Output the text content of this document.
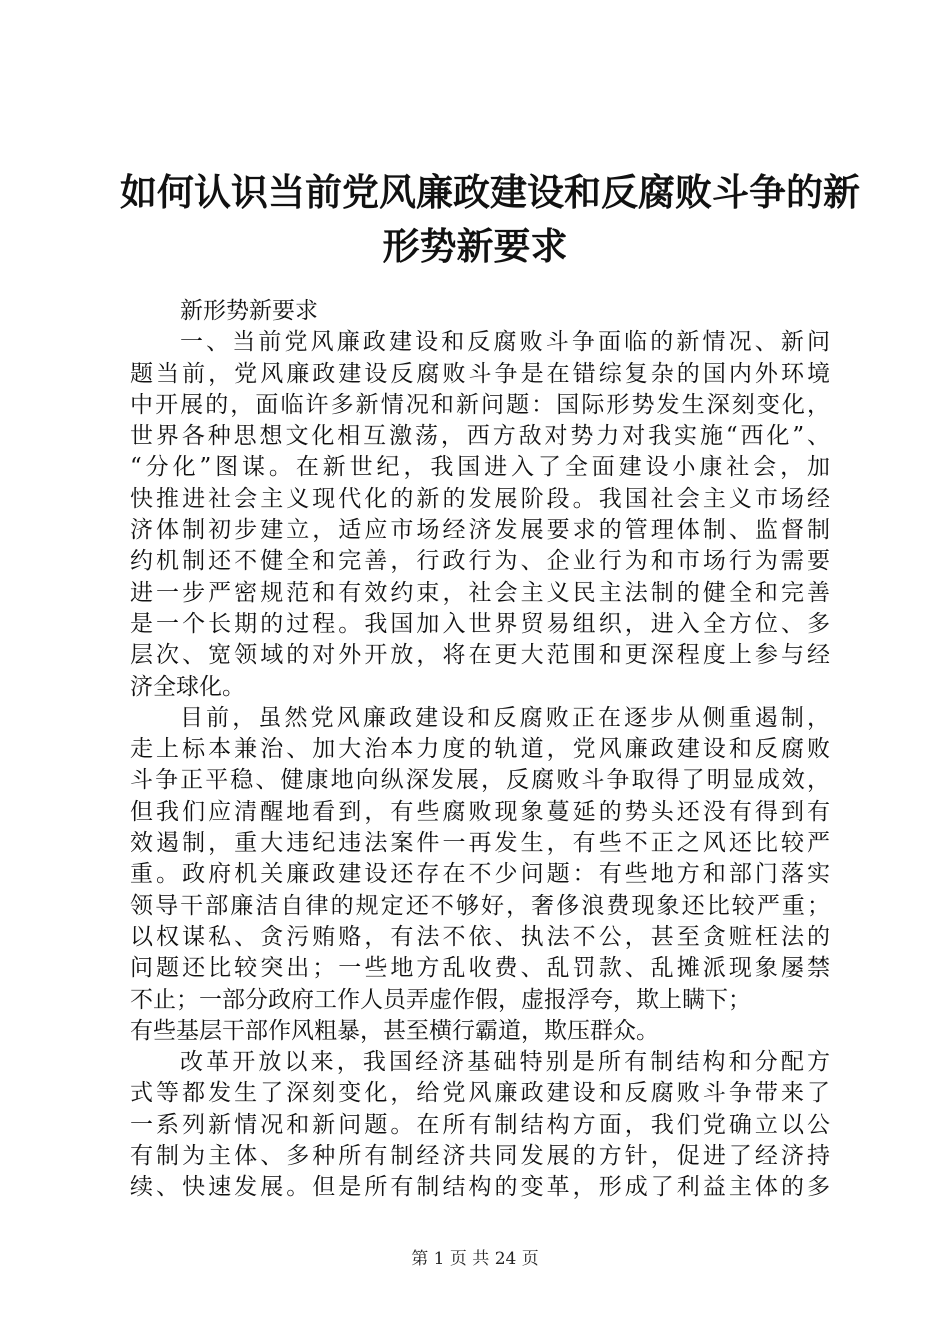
如何认识当前党风廉政建设和反腐败斗争的新
形势新要求
新形势新要求
一、当前党风廉政建设和反腐败斗争面临的新情况、新问
题当前，党风廉政建设反腐败斗争是在错综复杂的国内外环境
中开展的，面临许多新情况和新问题：国际形势发生深刻变化，
世界各种思想文化相互激荡，西方敌对势力对我实施“西化”、
“分化”图谋。在新世纪，我国进入了全面建设小康社会，加
快推进社会主义现代化的新的发展阶段。我国社会主义市场经
济体制初步建立，适应市场经济发展要求的管理体制、监督制
约机制还不健全和完善，行政行为、企业行为和市场行为需要
进一步严密规范和有效约束，社会主义民主法制的健全和完善
是一个长期的过程。我国加入世界贸易组织，进入全方位、多
层次、宽领域的对外开放，将在更大范围和更深程度上参与经
济全球化。
目前，虽然党风廉政建设和反腐败正在逐步从侧重遏制，
走上标本兼治、加大治本力度的轨道，党风廉政建设和反腐败
斗争正平稳、健康地向纵深发展，反腐败斗争取得了明显成效，
但我们应清醒地看到，有些腐败现象蔓延的势头还没有得到有
效遏制，重大违纪违法案件一再发生，有些不正之风还比较严
重。政府机关廉政建设还存在不少问题：有些地方和部门落实
领导干部廉洁自律的规定还不够好，奢侈浪费现象还比较严重；
以权谋私、贪污贿赂，有法不依、执法不公，甚至贪赃枉法的
问题还比较突出；一些地方乱收费、乱罚款、乱摊派现象屡禁
不止；一部分政府工作人员弄虚作假，虚报浮夸，欺上瞒下；
有些基层干部作风粗暴，甚至横行霸道，欺压群众。
改革开放以来，我国经济基础特别是所有制结构和分配方
式等都发生了深刻变化，给党风廉政建设和反腐败斗争带来了
一系列新情况和新问题。在所有制结构方面，我们党确立以公
有制为主体、多种所有制经济共同发展的方针，促进了经济持
续、快速发展。但是所有制结构的变革，形成了利益主体的多
第 1 页 共 24 页
